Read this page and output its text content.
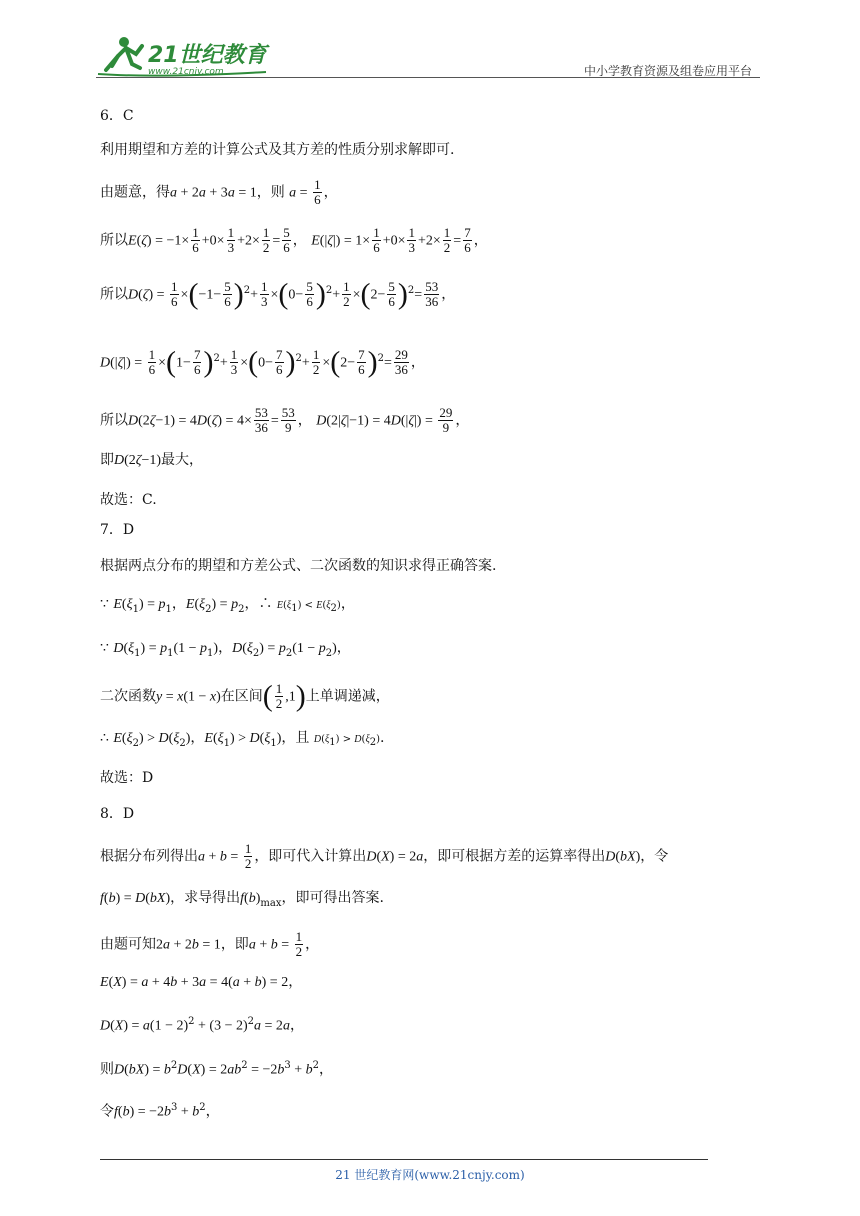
21世纪教育
www.21cnjy.com	中小学教育资源及组卷应用平台
6．C
利用期望和方差的计算公式及其方差的性质分别求解即可.
由题意，得a + 2a + 3a = 1，则 $a = \frac{1}{6}$ ，
所以$E(\zeta) = -1\times \frac{1}{6} +0\times \frac{1}{3} +2\times \frac{1}{2} = \frac{5}{6}$ ， $E(|\zeta|) = 1\times \frac{1}{6} +0\times \frac{1}{3} +2\times \frac{1}{2} = \frac{7}{6}$ ，
所以$D(\zeta) = \frac{1}{6} \times(-1- \frac{5}{6} )^2+ \frac{1}{3} \times(0- \frac{5}{6} )^2+ \frac{1}{2} \times(2- \frac{5}{6} )^2= \frac{53}{36}$ ，
$D(|\zeta|) = \frac{1}{6} \times(1- \frac{7}{6} )^2+ \frac{1}{3} \times(0- \frac{7}{6} )^2+ \frac{1}{2} \times(2- \frac{7}{6} )^2= \frac{29}{36}$ ，
所以$D(2\zeta-1) = 4D(\zeta) = 4\times \frac{53}{36} = \frac{53}{9}$ ， $D(2|\zeta|-1) = 4D(|\zeta|) = \frac{29}{9}$ ，
即D(2ζ−1)最大，
故选：C.
7．D
根据两点分布的期望和方差公式、二次函数的知识求得正确答案.
∵ $E(\xi_1) = p_1$，$E(\xi_2) = p_2$，∴ $E(\xi_1) < E(\xi_2)$，
∵ $D(\xi_1) = p_1(1 - p_1)$，$D(\xi_2) = p_2(1 - p_2)$，
二次函数y = x(1 − x)在区间( $\frac{1}{2} ,1$)上单调递减，
∴ $E(\xi_2) > D(\xi_2)$，$E(\xi_1) > D(\xi_1)$，且 $D(\xi_1) > D(\xi_2)$.
故选：D
8．D
根据分布列得出$a + b = \frac{1}{2}$ ，即可代入计算出D(X) = 2a，即可根据方差的运算率得出D(bX)，令
f(b) = D(bX)，求导得出$f(b)_{max}$，即可得出答案.
由题可知2a + 2b = 1，即$a + b = \frac{1}{2}$ ，
E(X) = a + 4b + 3a = 4(a + b) = 2，
$D(X) = a(1 - 2)^2 + (3 - 2)^2a = 2a$，
则$D(bX) = b^2D(X) = 2ab^2 = -2b^3 + b^2$，
令$f(b) = -2b^3 + b^2$，
21 世纪教育网(www.21cnjy.com)
